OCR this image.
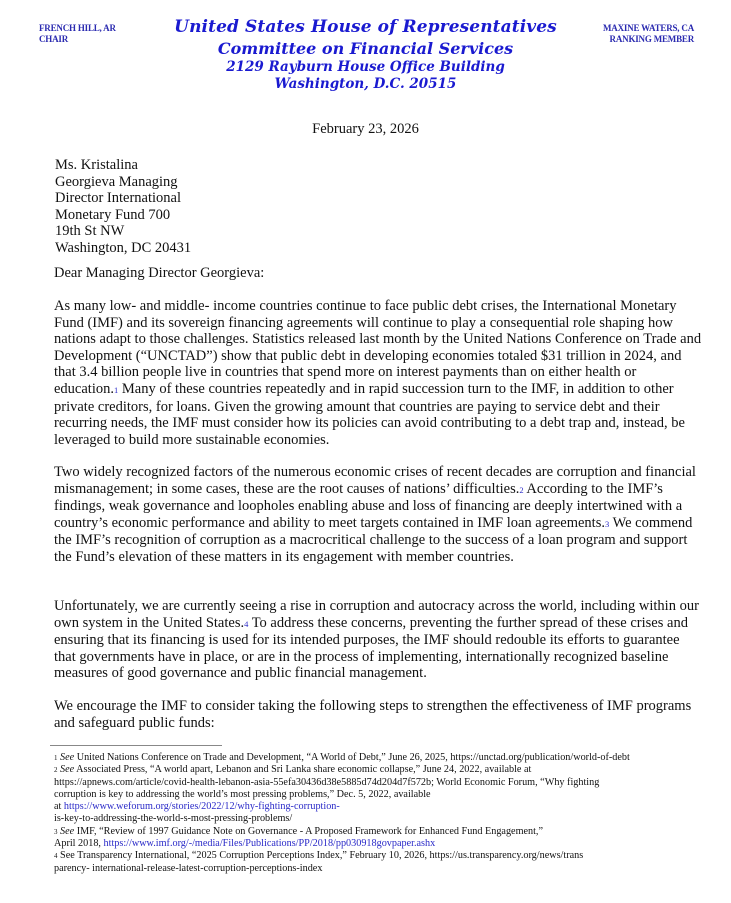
FRENCH HILL, AR
CHAIR
United States House of Representatives
Committee on Financial Services
2129 Rayburn House Office Building
Washington, D.C. 20515
MAXINE WATERS, CA
RANKING MEMBER
February 23, 2026
Ms. Kristalina
Georgieva Managing
Director International
Monetary Fund 700
19th St NW
Washington, DC 20431
Dear Managing Director Georgieva:
As many low- and middle- income countries continue to face public debt crises, the International Monetary Fund (IMF) and its sovereign financing agreements will continue to play a consequential role shaping how nations adapt to those challenges. Statistics released last month by the United Nations Conference on Trade and Development (“UNCTAD”) show that public debt in developing economies totaled $31 trillion in 2024, and that 3.4 billion people live in countries that spend more on interest payments than on either health or education.1 Many of these countries repeatedly and in rapid succession turn to the IMF, in addition to other private creditors, for loans. Given the growing amount that countries are paying to service debt and their recurring needs, the IMF must consider how its policies can avoid contributing to a debt trap and, instead, be leveraged to build more sustainable economies.
Two widely recognized factors of the numerous economic crises of recent decades are corruption and financial mismanagement; in some cases, these are the root causes of nations’ difficulties.2 According to the IMF’s findings, weak governance and loopholes enabling abuse and loss of financing are deeply intertwined with a country’s economic performance and ability to meet targets contained in IMF loan agreements.3 We commend the IMF’s recognition of corruption as a macrocritical challenge to the success of a loan program and support the Fund’s elevation of these matters in its engagement with member countries.
Unfortunately, we are currently seeing a rise in corruption and autocracy across the world, including within our own system in the United States.4 To address these concerns, preventing the further spread of these crises and ensuring that its financing is used for its intended purposes, the IMF should redouble its efforts to guarantee that governments have in place, or are in the process of implementing, internationally recognized baseline measures of good governance and public financial management.
We encourage the IMF to consider taking the following steps to strengthen the effectiveness of IMF programs and safeguard public funds:
1 See United Nations Conference on Trade and Development, “A World of Debt,” June 26, 2025, https://unctad.org/publication/world-of-debt
2 See Associated Press, “A world apart, Lebanon and Sri Lanka share economic collapse,” June 24, 2022, available at
https://apnews.com/article/covid-health-lebanon-asia-55efa30436d38e5885d74d204d7f572b; World Economic Forum, “Why fighting
corruption is key to addressing the world’s most pressing problems,” Dec. 5, 2022, available
at https://www.weforum.org/stories/2022/12/why-fighting-corruption-
is-key-to-addressing-the-world-s-most-pressing-problems/
3 See IMF, “Review of 1997 Guidance Note on Governance - A Proposed Framework for Enhanced Fund Engagement,”
April 2018, https://www.imf.org/-/media/Files/Publications/PP/2018/pp030918govpaper.ashx
4 See Transparency International, “2025 Corruption Perceptions Index,” February 10, 2026, https://us.transparency.org/news/trans
parency- international-release-latest-corruption-perceptions-index
